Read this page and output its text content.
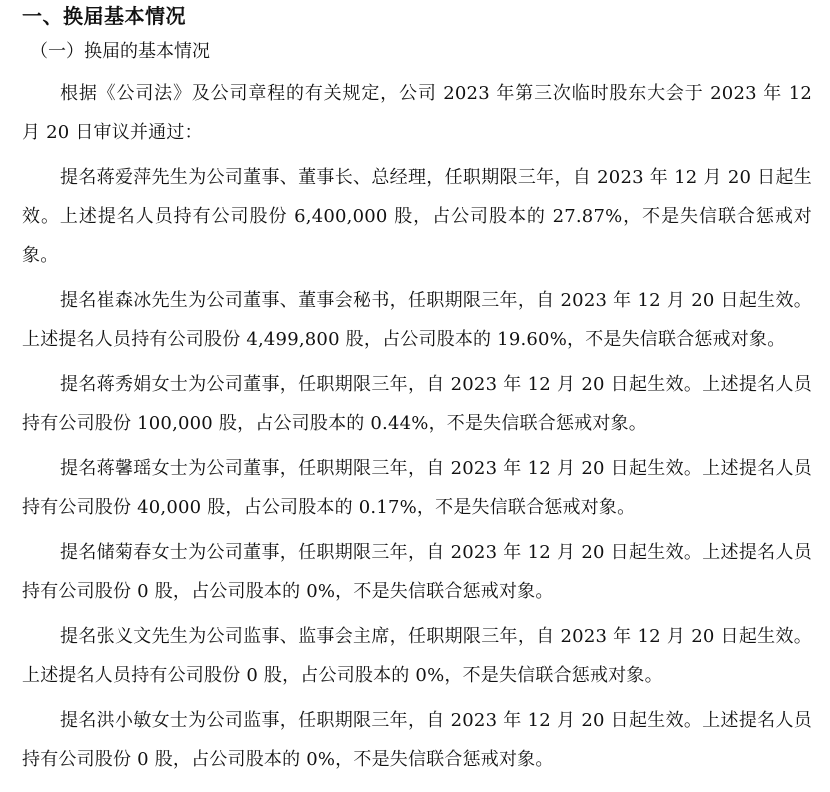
一、换届基本情况
（一）换届的基本情况

根据《公司法》及公司章程的有关规定，公司 2023 年第三次临时股东大会于 2023 年 12 月 20 日审议并通过：

提名蒋爱萍先生为公司董事、董事长、总经理，任职期限三年，自 2023 年 12 月 20 日起生效。上述提名人员持有公司股份 6,400,000 股，占公司股本的 27.87%，不是失信联合惩戒对象。

提名崔森冰先生为公司董事、董事会秘书，任职期限三年，自 2023 年 12 月 20 日起生效。上述提名人员持有公司股份 4,499,800 股，占公司股本的 19.60%，不是失信联合惩戒对象。

提名蒋秀娟女士为公司董事，任职期限三年，自 2023 年 12 月 20 日起生效。上述提名人员持有公司股份 100,000 股，占公司股本的 0.44%，不是失信联合惩戒对象。

提名蒋馨瑶女士为公司董事，任职期限三年，自 2023 年 12 月 20 日起生效。上述提名人员持有公司股份 40,000 股，占公司股本的 0.17%，不是失信联合惩戒对象。

提名储菊春女士为公司董事，任职期限三年，自 2023 年 12 月 20 日起生效。上述提名人员持有公司股份 0 股，占公司股本的 0%，不是失信联合惩戒对象。

提名张义文先生为公司监事、监事会主席，任职期限三年，自 2023 年 12 月 20 日起生效。上述提名人员持有公司股份 0 股，占公司股本的 0%，不是失信联合惩戒对象。

提名洪小敏女士为公司监事，任职期限三年，自 2023 年 12 月 20 日起生效。上述提名人员持有公司股份 0 股，占公司股本的 0%，不是失信联合惩戒对象。
